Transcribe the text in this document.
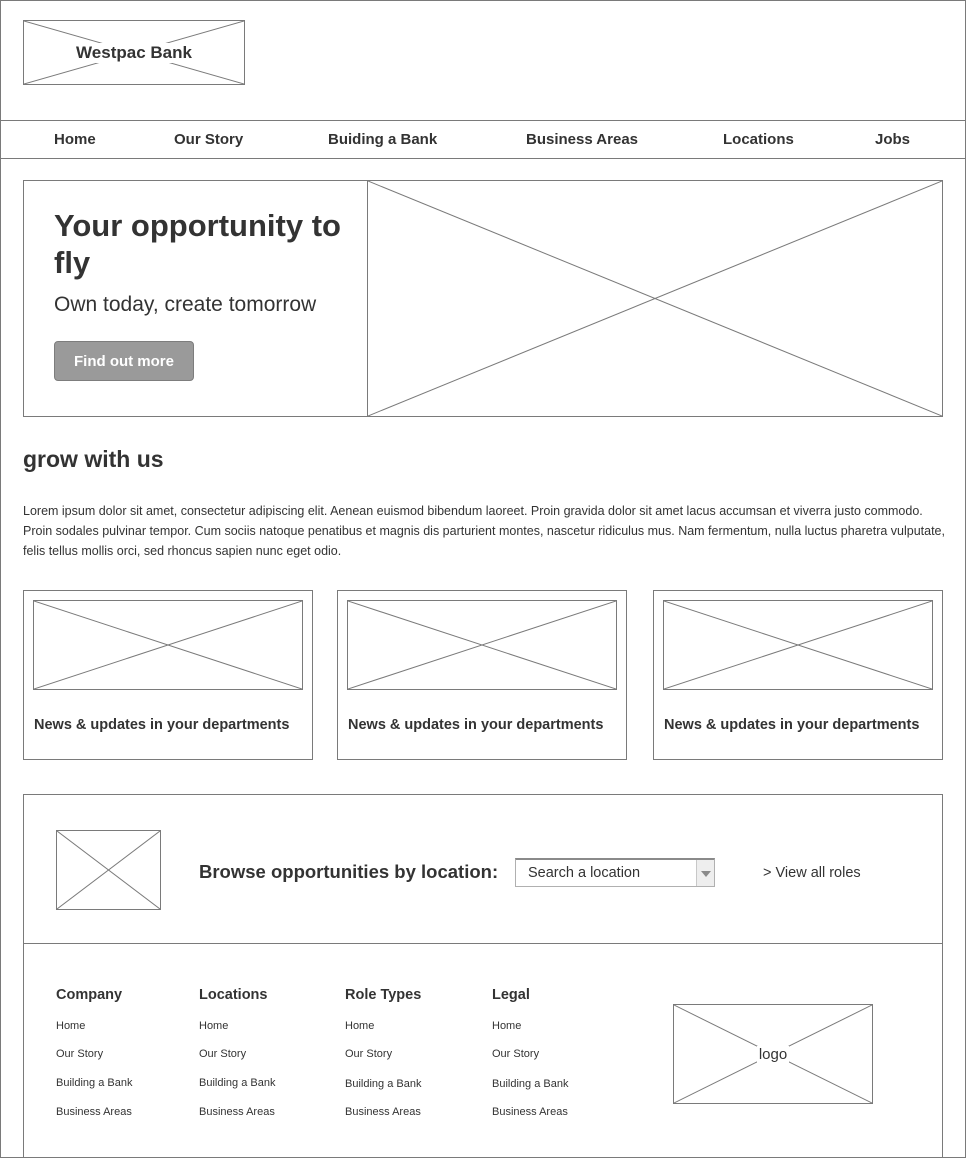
Westpac Bank
Home	Our Story	Buiding a Bank	Business Areas	Locations	Jobs
Your opportunity to fly
Own today, create tomorrow
Find out more
grow with us
Lorem ipsum dolor sit amet, consectetur adipiscing elit. Aenean euismod bibendum laoreet. Proin gravida dolor sit amet lacus accumsan et viverra justo commodo. Proin sodales pulvinar tempor. Cum sociis natoque penatibus et magnis dis parturient montes, nascetur ridiculus mus. Nam fermentum, nulla luctus pharetra vulputate, felis tellus mollis orci, sed rhoncus sapien nunc eget odio.
News & updates in your departments	News & updates in your departments	News & updates in your departments
Browse opportunities by location: Search a location	> View all roles
Company
Home
Our Story
Building a Bank
Business Areas
Locations
Home
Our Story
Building a Bank
Business Areas
Role Types
Home
Our Story
Building a Bank
Business Areas
Legal
Home
Our Story
Building a Bank
Business Areas
logo
